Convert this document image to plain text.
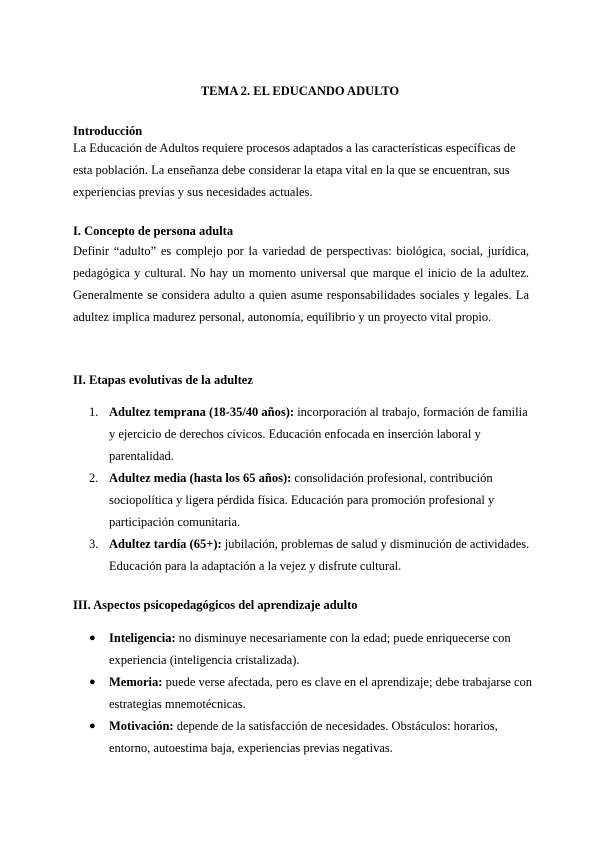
TEMA 2. EL EDUCANDO ADULTO
Introducción
La Educación de Adultos requiere procesos adaptados a las características específicas de esta población. La enseñanza debe considerar la etapa vital en la que se encuentran, sus experiencias previas y sus necesidades actuales.
I. Concepto de persona adulta
Definir “adulto” es complejo por la variedad de perspectivas: biológica, social, jurídica, pedagógica y cultural. No hay un momento universal que marque el inicio de la adultez. Generalmente se considera adulto a quien asume responsabilidades sociales y legales. La adultez implica madurez personal, autonomía, equilibrio y un proyecto vital propio.
II. Etapas evolutivas de la adultez
1. Adultez temprana (18-35/40 años): incorporación al trabajo, formación de familia y ejercicio de derechos cívicos. Educación enfocada en inserción laboral y parentalidad.
2. Adultez media (hasta los 65 años): consolidación profesional, contribución sociopolítica y ligera pérdida física. Educación para promoción profesional y participación comunitaria.
3. Adultez tardía (65+): jubilación, problemas de salud y disminución de actividades. Educación para la adaptación a la vejez y disfrute cultural.
III. Aspectos psicopedagógicos del aprendizaje adulto
●	Inteligencia: no disminuye necesariamente con la edad; puede enriquecerse con experiencia (inteligencia cristalizada).
●	Memoria: puede verse afectada, pero es clave en el aprendizaje; debe trabajarse con estrategias mnemotécnicas.
●	Motivación: depende de la satisfacción de necesidades. Obstáculos: horarios, entorno, autoestima baja, experiencias previas negativas.
